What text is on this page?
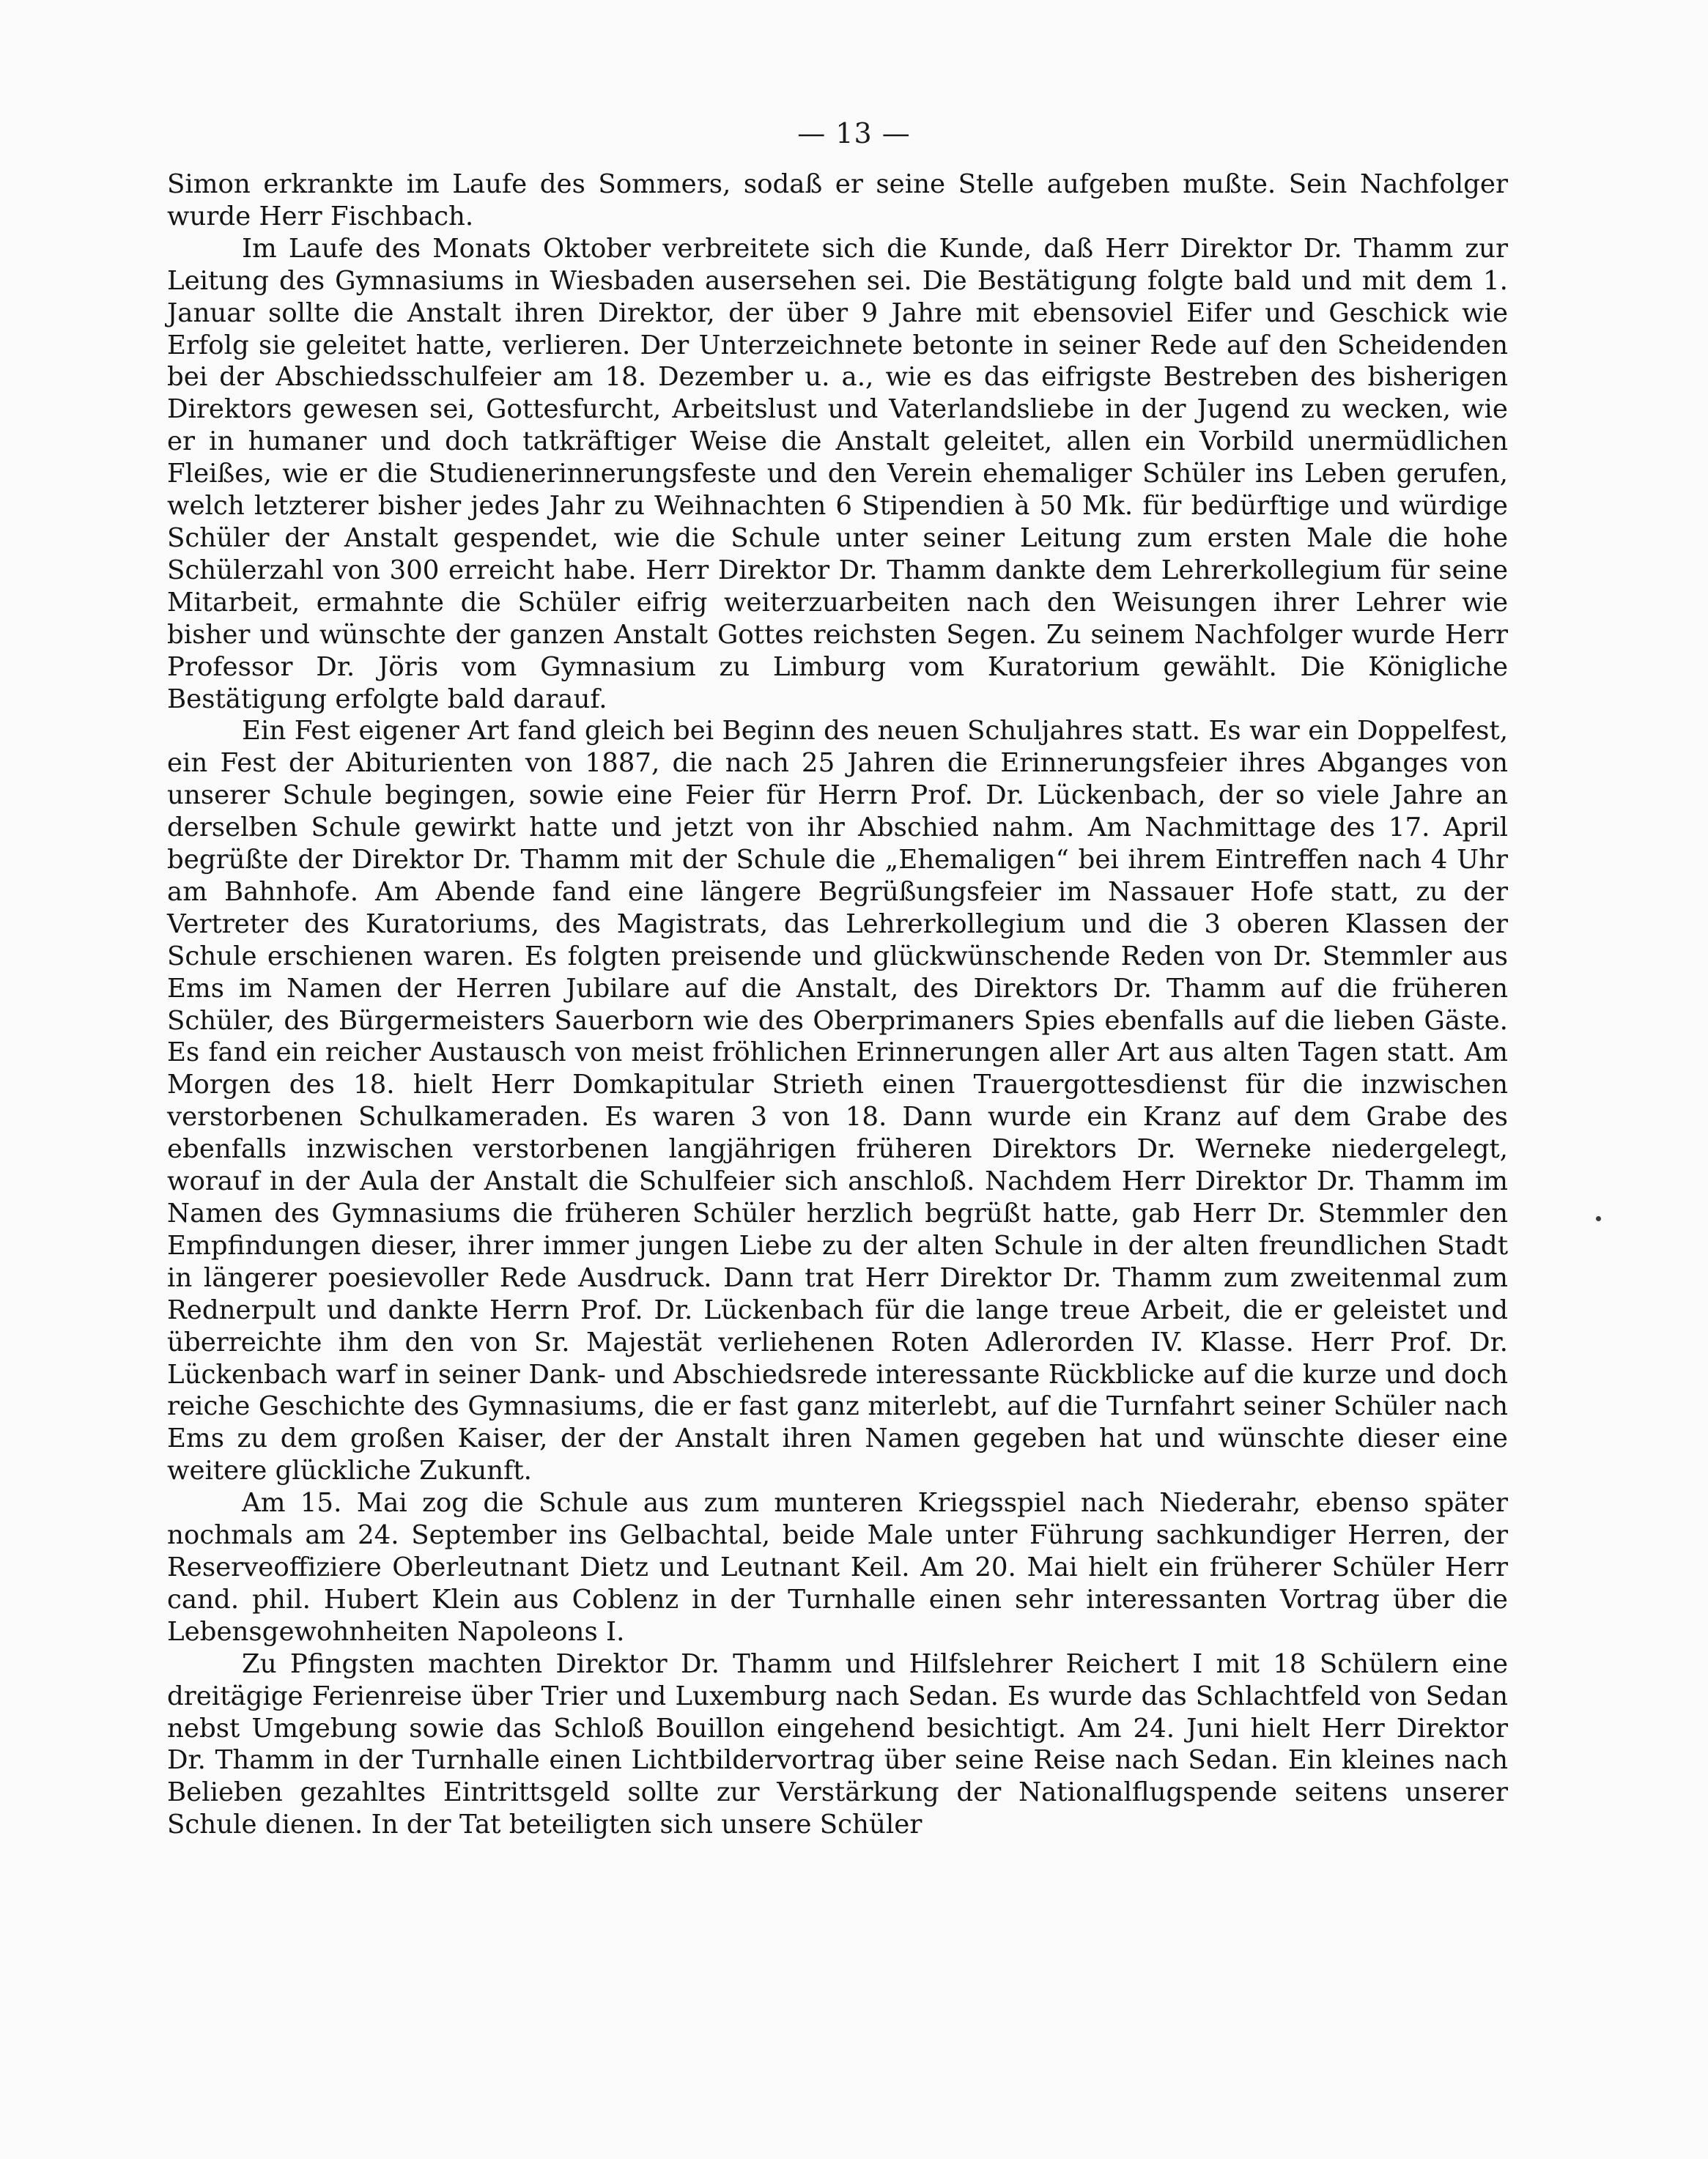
— 13 —

Simon erkrankte im Laufe des Sommers, sodaß er seine Stelle aufgeben mußte. Sein Nachfolger wurde Herr Fischbach.

Im Laufe des Monats Oktober verbreitete sich die Kunde, daß Herr Direktor Dr. Thamm zur Leitung des Gymnasiums in Wiesbaden ausersehen sei. Die Bestätigung folgte bald und mit dem 1. Januar sollte die Anstalt ihren Direktor, der über 9 Jahre mit ebensoviel Eifer und Geschick wie Erfolg sie geleitet hatte, verlieren. Der Unterzeichnete betonte in seiner Rede auf den Scheidenden bei der Abschiedsschulfeier am 18. Dezember u. a., wie es das eifrigste Bestreben des bisherigen Direktors gewesen sei, Gottesfurcht, Arbeitslust und Vaterlandsliebe in der Jugend zu wecken, wie er in humaner und doch tatkräftiger Weise die Anstalt geleitet, allen ein Vorbild unermüdlichen Fleißes, wie er die Studienerinnerungsfeste und den Verein ehemaliger Schüler ins Leben gerufen, welch letzterer bisher jedes Jahr zu Weihnachten 6 Stipendien à 50 Mk. für bedürftige und würdige Schüler der Anstalt gespendet, wie die Schule unter seiner Leitung zum ersten Male die hohe Schülerzahl von 300 erreicht habe. Herr Direktor Dr. Thamm dankte dem Lehrerkollegium für seine Mitarbeit, ermahnte die Schüler eifrig weiterzuarbeiten nach den Weisungen ihrer Lehrer wie bisher und wünschte der ganzen Anstalt Gottes reichsten Segen. Zu seinem Nachfolger wurde Herr Professor Dr. Jöris vom Gymnasium zu Limburg vom Kuratorium gewählt. Die Königliche Bestätigung erfolgte bald darauf.

Ein Fest eigener Art fand gleich bei Beginn des neuen Schuljahres statt. Es war ein Doppelfest, ein Fest der Abiturienten von 1887, die nach 25 Jahren die Erinnerungsfeier ihres Abganges von unserer Schule begingen, sowie eine Feier für Herrn Prof. Dr. Lückenbach, der so viele Jahre an derselben Schule gewirkt hatte und jetzt von ihr Abschied nahm. Am Nachmittage des 17. April begrüßte der Direktor Dr. Thamm mit der Schule die „Ehemaligen“ bei ihrem Eintreffen nach 4 Uhr am Bahnhofe. Am Abende fand eine längere Begrüßungsfeier im Nassauer Hofe statt, zu der Vertreter des Kuratoriums, des Magistrats, das Lehrerkollegium und die 3 oberen Klassen der Schule erschienen waren. Es folgten preisende und glückwünschende Reden von Dr. Stemmler aus Ems im Namen der Herren Jubilare auf die Anstalt, des Direktors Dr. Thamm auf die früheren Schüler, des Bürgermeisters Sauerborn wie des Oberprimaners Spies ebenfalls auf die lieben Gäste. Es fand ein reicher Austausch von meist fröhlichen Erinnerungen aller Art aus alten Tagen statt. Am Morgen des 18. hielt Herr Domkapitular Strieth einen Trauergottesdienst für die inzwischen verstorbenen Schulkameraden. Es waren 3 von 18. Dann wurde ein Kranz auf dem Grabe des ebenfalls inzwischen verstorbenen langjährigen früheren Direktors Dr. Werneke niedergelegt, worauf in der Aula der Anstalt die Schulfeier sich anschloß. Nachdem Herr Direktor Dr. Thamm im Namen des Gymnasiums die früheren Schüler herzlich begrüßt hatte, gab Herr Dr. Stemmler den Empfindungen dieser, ihrer immer jungen Liebe zu der alten Schule in der alten freundlichen Stadt in längerer poesievoller Rede Ausdruck. Dann trat Herr Direktor Dr. Thamm zum zweitenmal zum Rednerpult und dankte Herrn Prof. Dr. Lückenbach für die lange treue Arbeit, die er geleistet und überreichte ihm den von Sr. Majestät verliehenen Roten Adlerorden IV. Klasse. Herr Prof. Dr. Lückenbach warf in seiner Dank- und Abschiedsrede interessante Rückblicke auf die kurze und doch reiche Geschichte des Gymnasiums, die er fast ganz miterlebt, auf die Turnfahrt seiner Schüler nach Ems zu dem großen Kaiser, der der Anstalt ihren Namen gegeben hat und wünschte dieser eine weitere glückliche Zukunft.

Am 15. Mai zog die Schule aus zum munteren Kriegsspiel nach Niederahr, ebenso später nochmals am 24. September ins Gelbachtal, beide Male unter Führung sachkundiger Herren, der Reserveoffiziere Oberleutnant Dietz und Leutnant Keil. Am 20. Mai hielt ein früherer Schüler Herr cand. phil. Hubert Klein aus Coblenz in der Turnhalle einen sehr interessanten Vortrag über die Lebensgewohnheiten Napoleons I.

Zu Pfingsten machten Direktor Dr. Thamm und Hilfslehrer Reichert I mit 18 Schülern eine dreitägige Ferienreise über Trier und Luxemburg nach Sedan. Es wurde das Schlachtfeld von Sedan nebst Umgebung sowie das Schloß Bouillon eingehend besichtigt. Am 24. Juni hielt Herr Direktor Dr. Thamm in der Turnhalle einen Lichtbildervortrag über seine Reise nach Sedan. Ein kleines nach Belieben gezahltes Eintrittsgeld sollte zur Verstärkung der Nationalflugspende seitens unserer Schule dienen. In der Tat beteiligten sich unsere Schüler
